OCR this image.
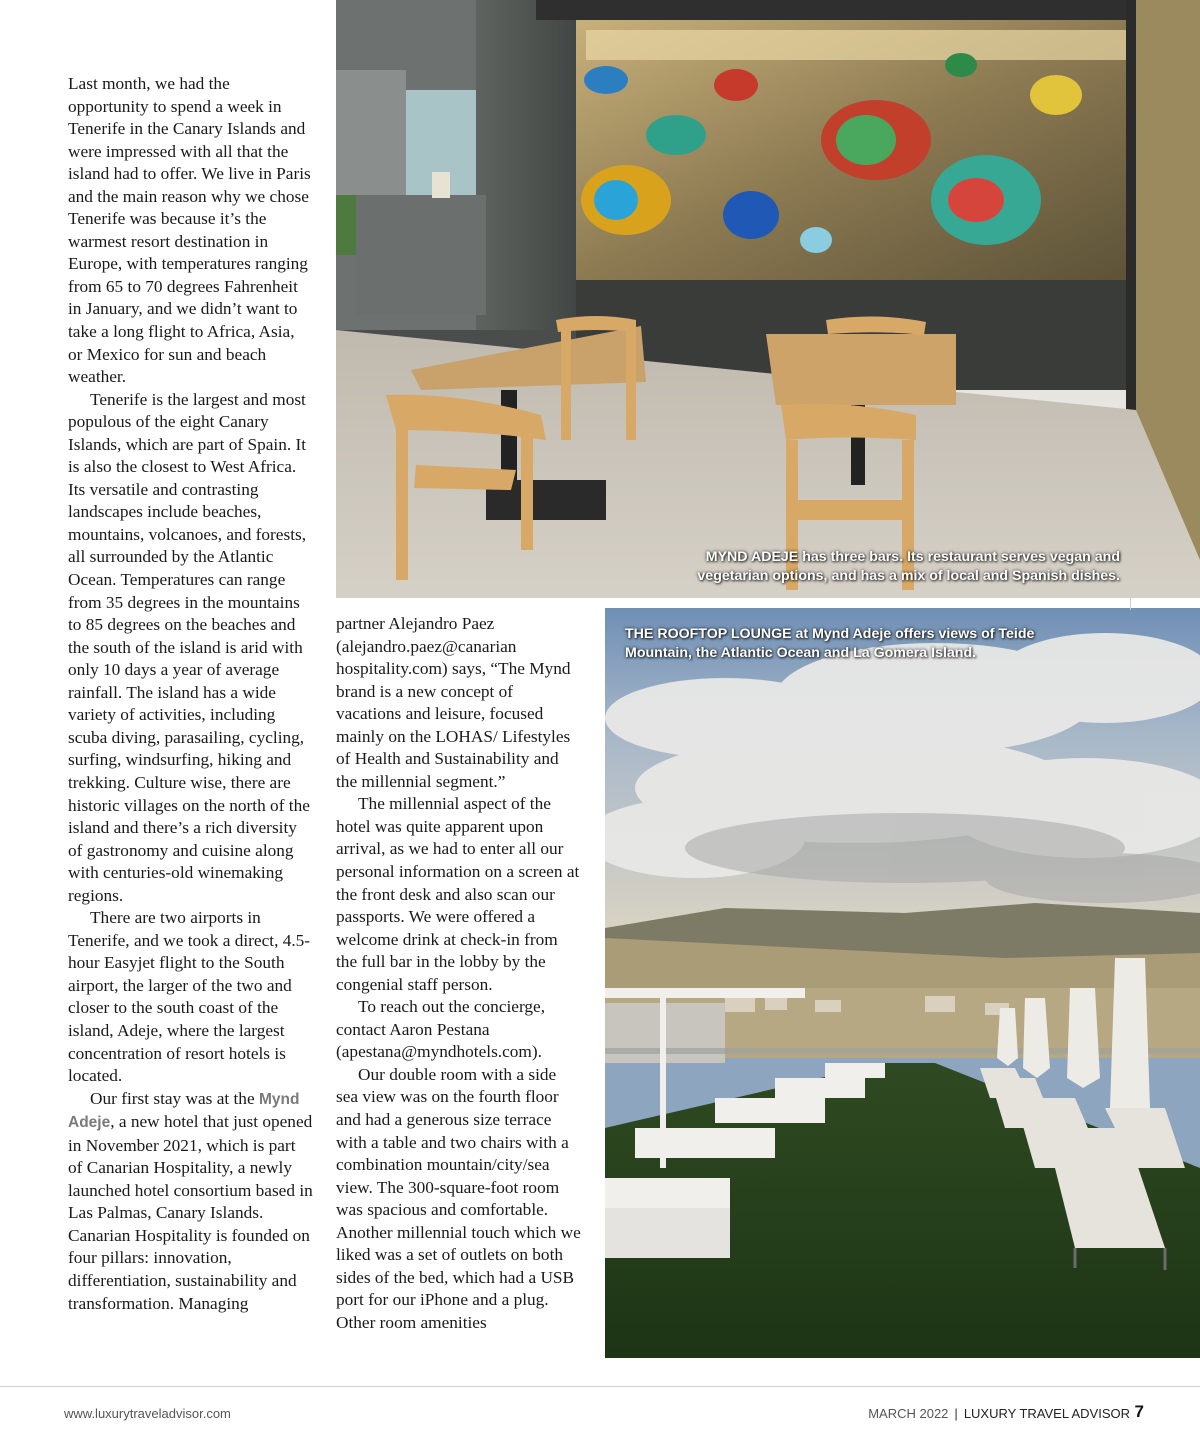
Last month, we had the opportunity to spend a week in Tenerife in the Canary Islands and were impressed with all that the island had to offer. We live in Paris and the main reason why we chose Tenerife was because it’s the warmest resort destination in Europe, with temperatures ranging from 65 to 70 degrees Fahrenheit in January, and we didn’t want to take a long flight to Africa, Asia, or Mexico for sun and beach weather.

Tenerife is the largest and most populous of the eight Canary Islands, which are part of Spain. It is also the closest to West Africa. Its versatile and contrasting landscapes include beaches, mountains, volcanoes, and forests, all surrounded by the Atlantic Ocean. Temperatures can range from 35 degrees in the mountains to 85 degrees on the beaches and the south of the island is arid with only 10 days a year of average rainfall. The island has a wide variety of activities, including scuba diving, parasailing, cycling, surfing, windsurfing, hiking and trekking. Culture wise, there are historic villages on the north of the island and there’s a rich diversity of gastronomy and cuisine along with centuries-old winemaking regions.

There are two airports in Tenerife, and we took a direct, 4.5-hour Easyjet flight to the South airport, the larger of the two and closer to the south coast of the island, Adeje, where the largest concentration of resort hotels is located.

Our first stay was at the Mynd Adeje, a new hotel that just opened in November 2021, which is part of Canarian Hospitality, a newly launched hotel consortium based in Las Palmas, Canary Islands. Canarian Hospitality is founded on four pillars: innovation, differentiation, sustainability and transformation. Managing

MYND ADEJE has three bars. Its restaurant serves vegan and vegetarian options, and has a mix of local and Spanish dishes.
THE ROOFTOP LOUNGE at Mynd Adeje offers views of Teide Mountain, the Atlantic Ocean and La Gomera Island.

partner Alejandro Paez (alejandro.paez@canarian hospitality.com) says, “The Mynd brand is a new concept of vacations and leisure, focused mainly on the LOHAS/ Lifestyles of Health and Sustainability and the millennial segment.”

The millennial aspect of the hotel was quite apparent upon arrival, as we had to enter all our personal information on a screen at the front desk and also scan our passports. We were offered a welcome drink at check-in from the full bar in the lobby by the congenial staff person.

To reach out the concierge, contact Aaron Pestana (apestana@myndhotels.com).

Our double room with a side sea view was on the fourth floor and had a generous size terrace with a table and two chairs with a combination mountain/city/sea view. The 300-square-foot room was spacious and comfortable. Another millennial touch which we liked was a set of outlets on both sides of the bed, which had a USB port for our iPhone and a plug. Other room amenities

www.luxurytraveladvisor.com	MARCH 2022 | LUXURY TRAVEL ADVISOR 7
